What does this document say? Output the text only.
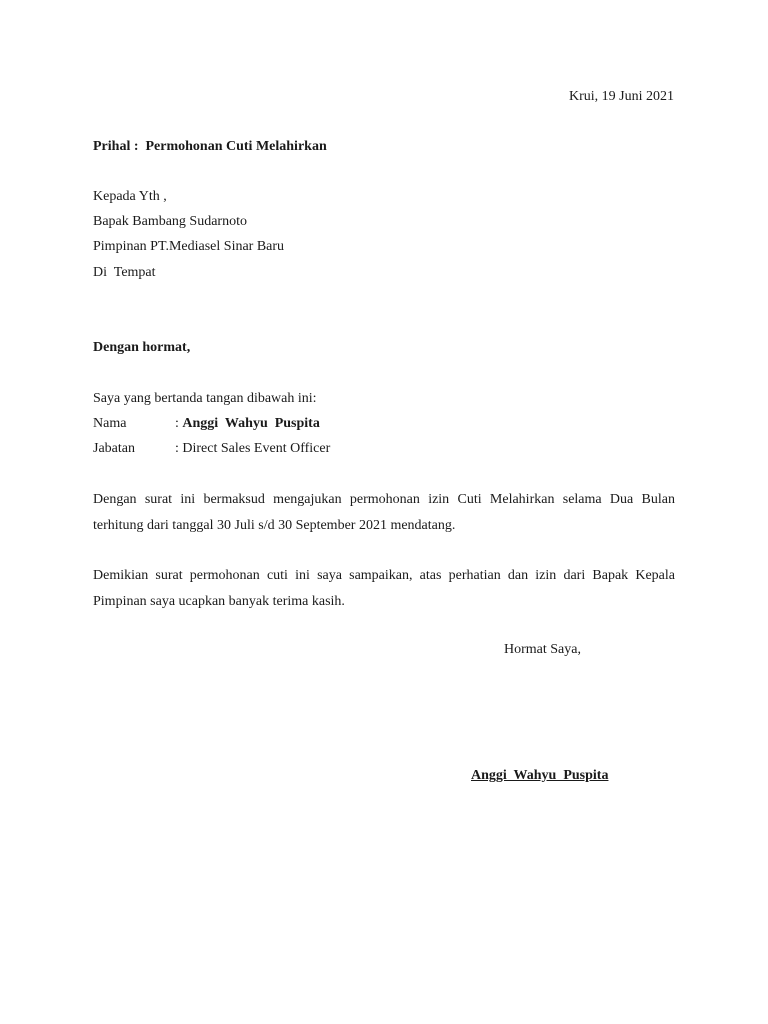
Krui, 19 Juni 2021
Prihal : Permohonan Cuti Melahirkan
Kepada Yth ,
Bapak Bambang Sudarnoto
Pimpinan PT.Mediasel Sinar Baru
Di  Tempat
Dengan hormat,
Saya yang bertanda tangan dibawah ini:
Nama	: Anggi  Wahyu  Puspita
Jabatan	: Direct Sales Event Officer
Dengan surat ini bermaksud mengajukan permohonan izin Cuti Melahirkan selama Dua Bulan terhitung dari tanggal 30 Juli s/d 30 September 2021 mendatang.
Demikian surat permohonan cuti ini saya sampaikan, atas perhatian dan izin dari Bapak Kepala Pimpinan saya ucapkan banyak terima kasih.
Hormat Saya,
Anggi  Wahyu  Puspita
